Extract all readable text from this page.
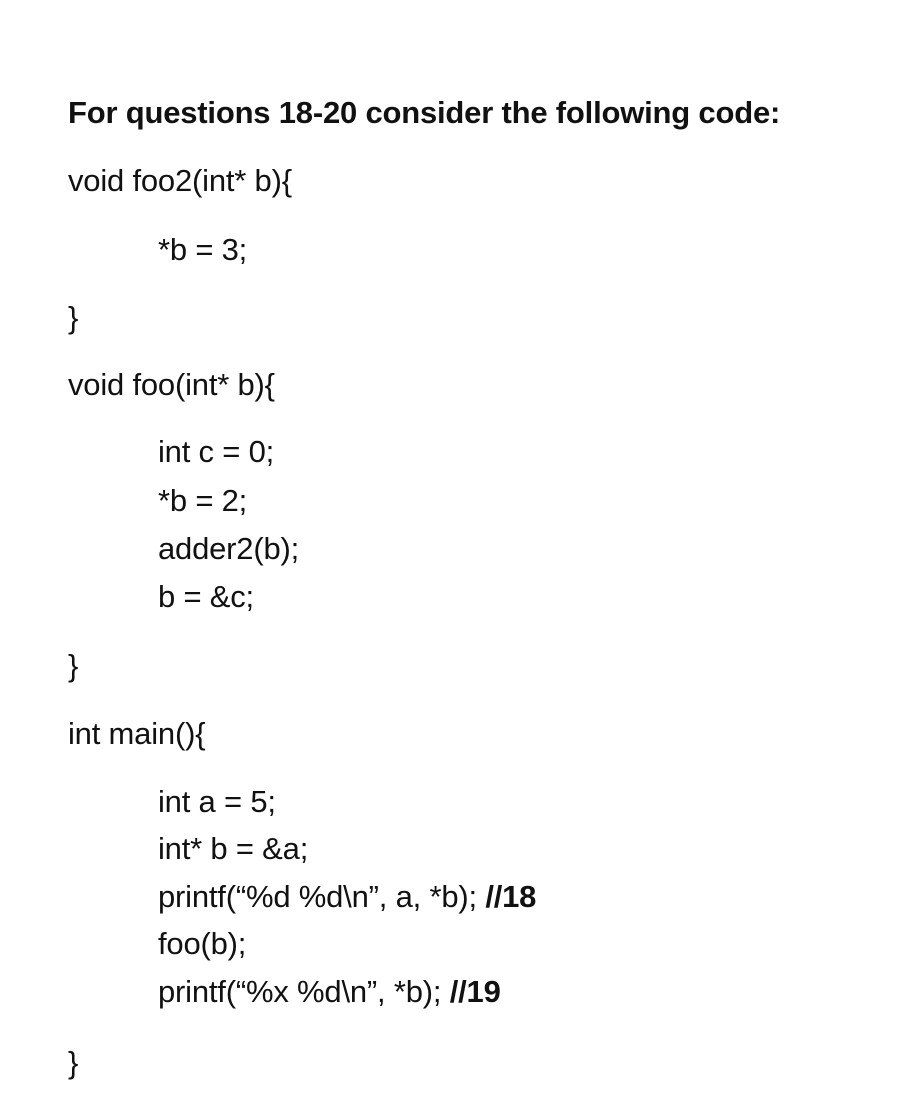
For questions 18-20 consider the following code:
void foo2(int* b){
*b = 3;
}
void foo(int* b){
int c = 0;
*b = 2;
adder2(b);
b = &c;
}
int main(){
int a = 5;
int* b = &a;
printf(“%d %d\n”, a, *b); //18
foo(b);
printf(“%x %d\n”, *b); //19
}
